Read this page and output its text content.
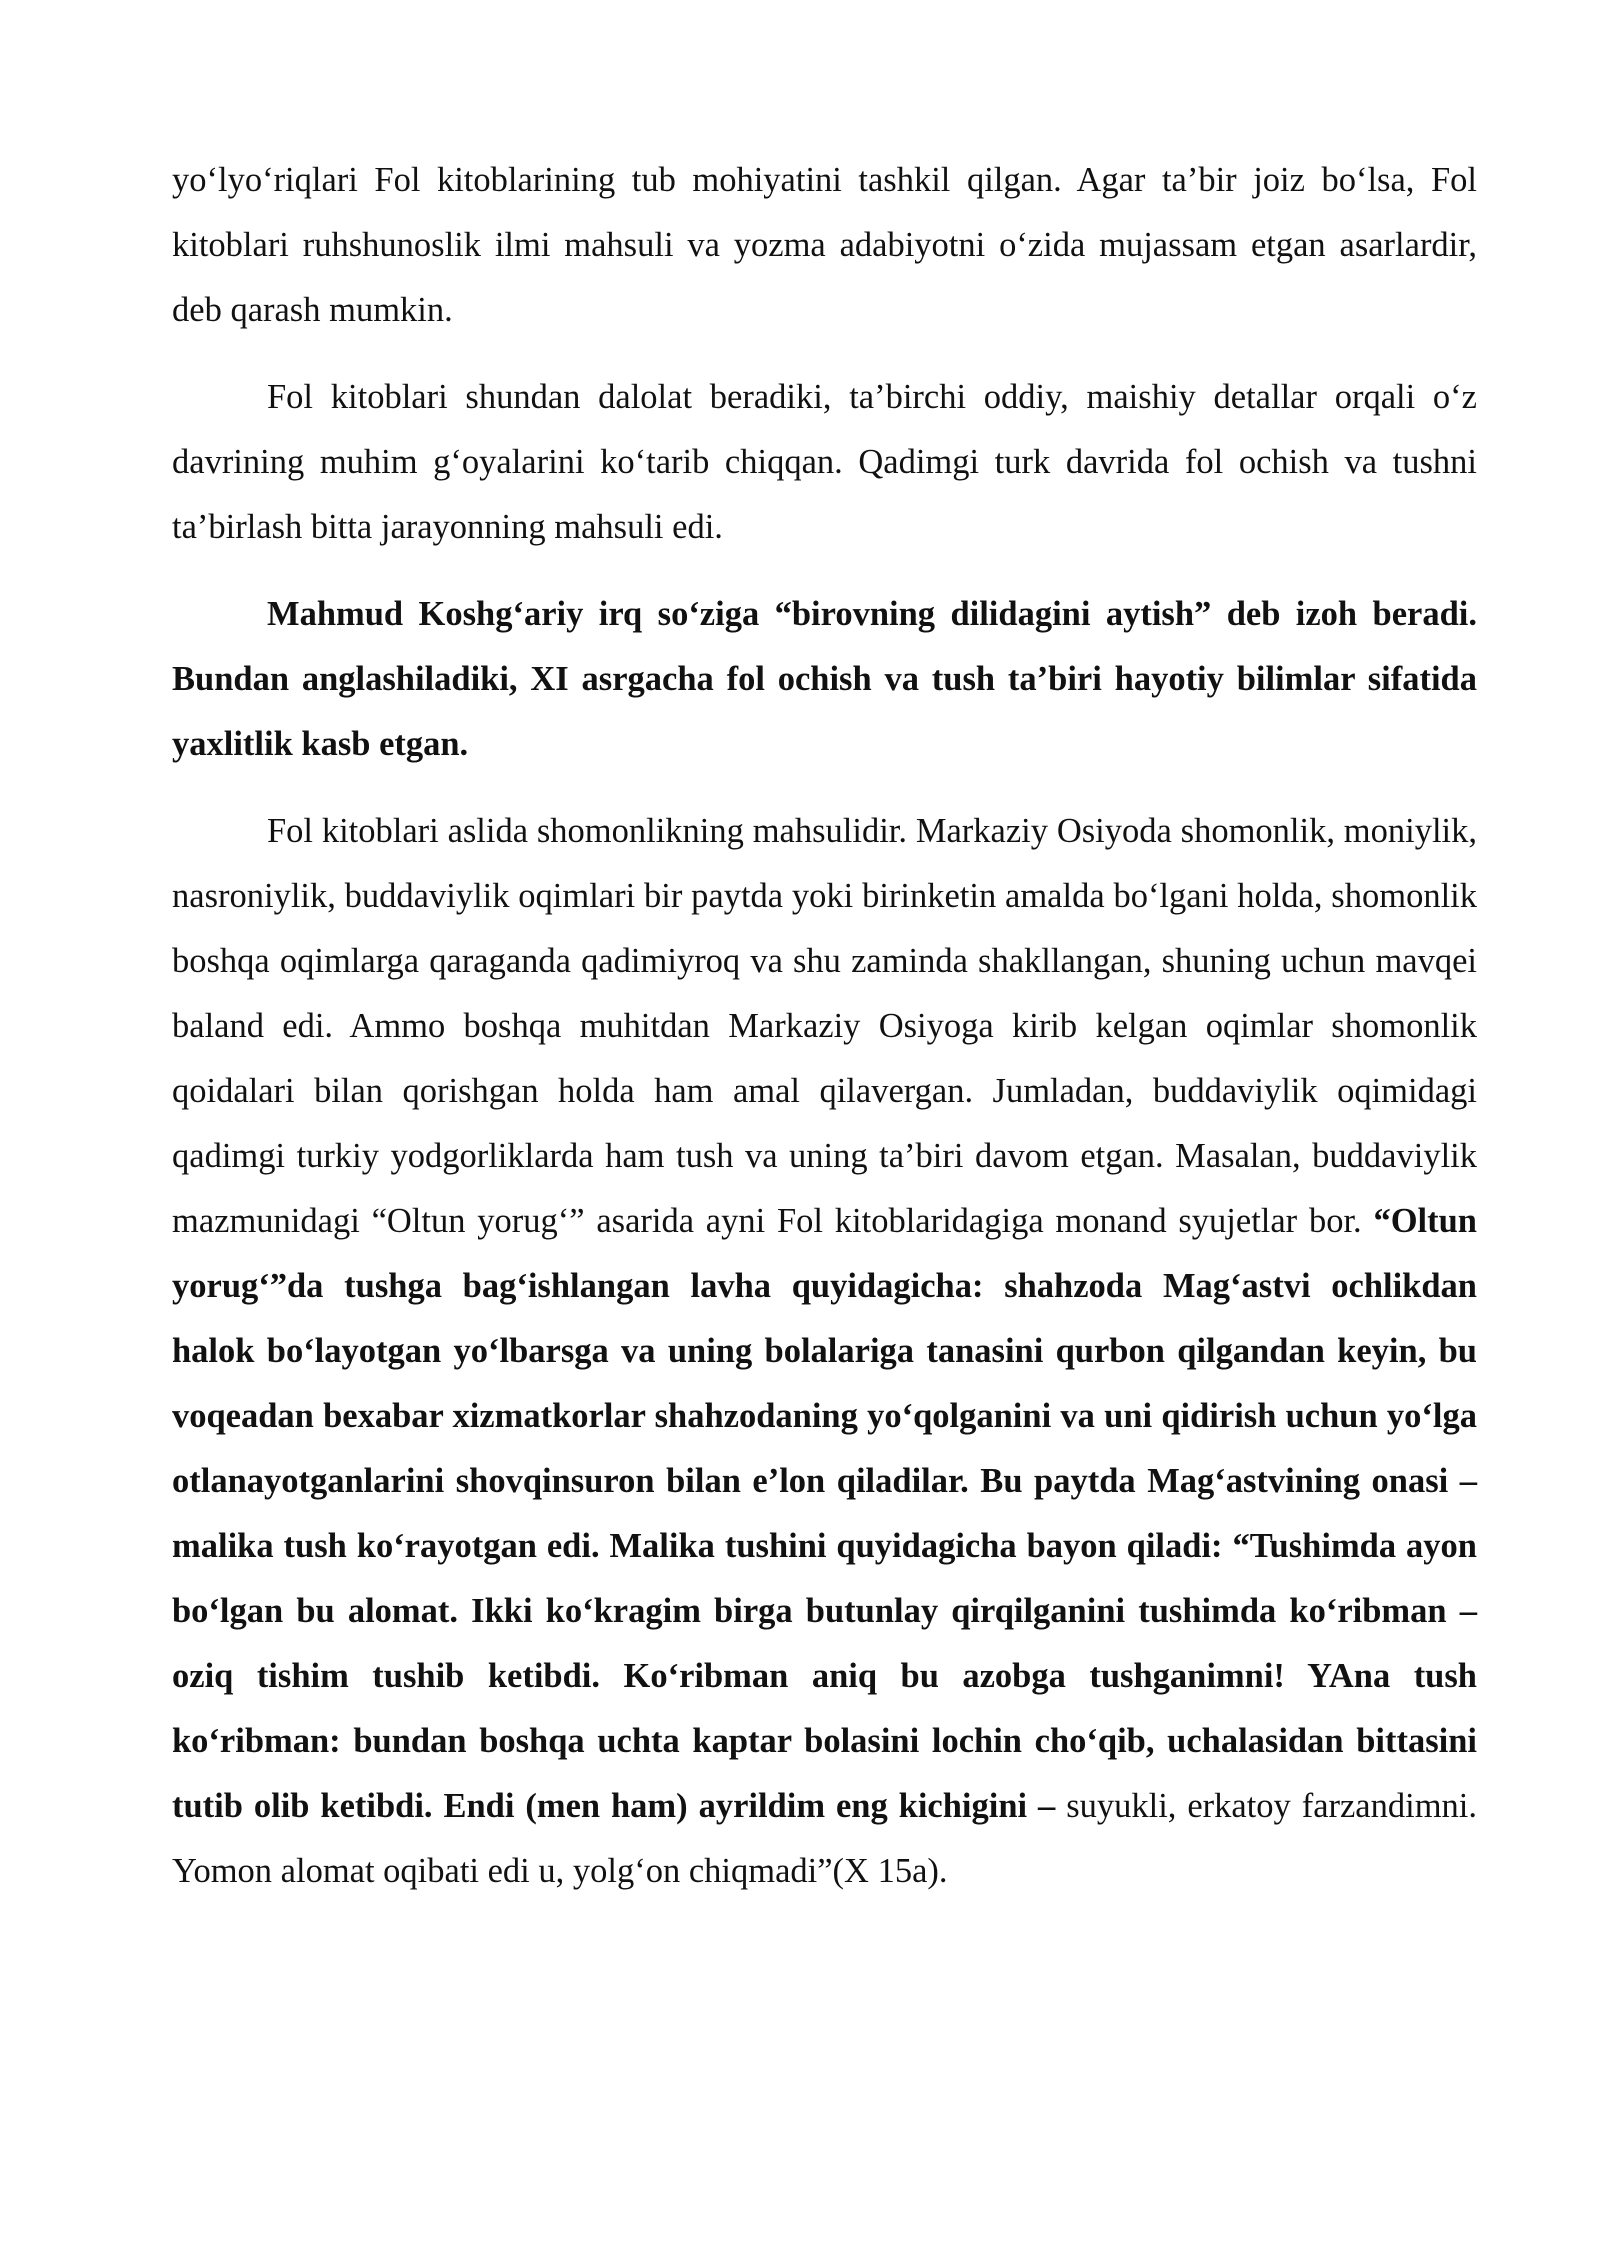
yo‘lyo‘riqlari Fol kitoblarining tub mohiyatini tashkil qilgan. Agar ta’bir joiz bo‘lsa, Fol kitoblari ruhshunoslik ilmi mahsuli va yozma adabiyotni o‘zida mujassam etgan asarlardir, deb qarash mumkin.

Fol kitoblari shundan dalolat beradiki, ta’birchi oddiy, maishiy detallar orqali o‘z davrining muhim g‘oyalarini ko‘tarib chiqqan. Qadimgi turk davrida fol ochish va tushni ta’birlash bitta jarayonning mahsuli edi.

Mahmud Koshg‘ariy irq so‘ziga “birovning dilidagini aytish” deb izoh beradi. Bundan anglashiladiki, XI asrgacha fol ochish va tush ta’biri hayotiy bilimlar sifatida yaxlitlik kasb etgan.

Fol kitoblari aslida shomonlikning mahsulidir. Markaziy Osiyoda shomonlik, moniylik, nasroniylik, buddaviylik oqimlari bir paytda yoki birinketin amalda bo‘lgani holda, shomonlik boshqa oqimlarga qaraganda qadimiyroq va shu zaminda shakllangan, shuning uchun mavqei baland edi. Ammo boshqa muhitdan Markaziy Osiyoga kirib kelgan oqimlar shomonlik qoidalari bilan qorishgan holda ham amal qilavergan. Jumladan, buddaviylik oqimidagi qadimgi turkiy yodgorliklarda ham tush va uning ta’biri davom etgan. Masalan, buddaviylik mazmunidagi “Oltun yorug‘” asarida ayni Fol kitoblaridagiga monand syujetlar bor. “Oltun yorug‘”da tushga bag‘ishlangan lavha quyidagicha: shahzoda Mag‘astvi ochlikdan halok bo‘layotgan yo‘lbarsga va uning bolalariga tanasini qurbon qilgandan keyin, bu voqeadan bexabar xizmatkorlar shahzodaning yo‘qolganini va uni qidirish uchun yo‘lga otlanayotganlarini shovqinsuron bilan e’lon qiladilar. Bu paytda Mag‘astvining onasi – malika tush ko‘rayotgan edi. Malika tushini quyidagicha bayon qiladi: “Tushimda ayon bo‘lgan bu alomat. Ikki ko‘kragim birga butunlay qirqilganini tushimda ko‘ribman – oziq tishim tushib ketibdi. Ko‘ribman aniq bu azobga tushganimni! YAna tush ko‘ribman: bundan boshqa uchta kaptar bolasini lochin cho‘qib, uchalasidan bittasini tutib olib ketibdi. Endi (men ham) ayrildim eng kichigini – suyukli, erkatoy farzandimni. Yomon alomat oqibati edi u, yolg‘on chiqmadi”(X 15a).
